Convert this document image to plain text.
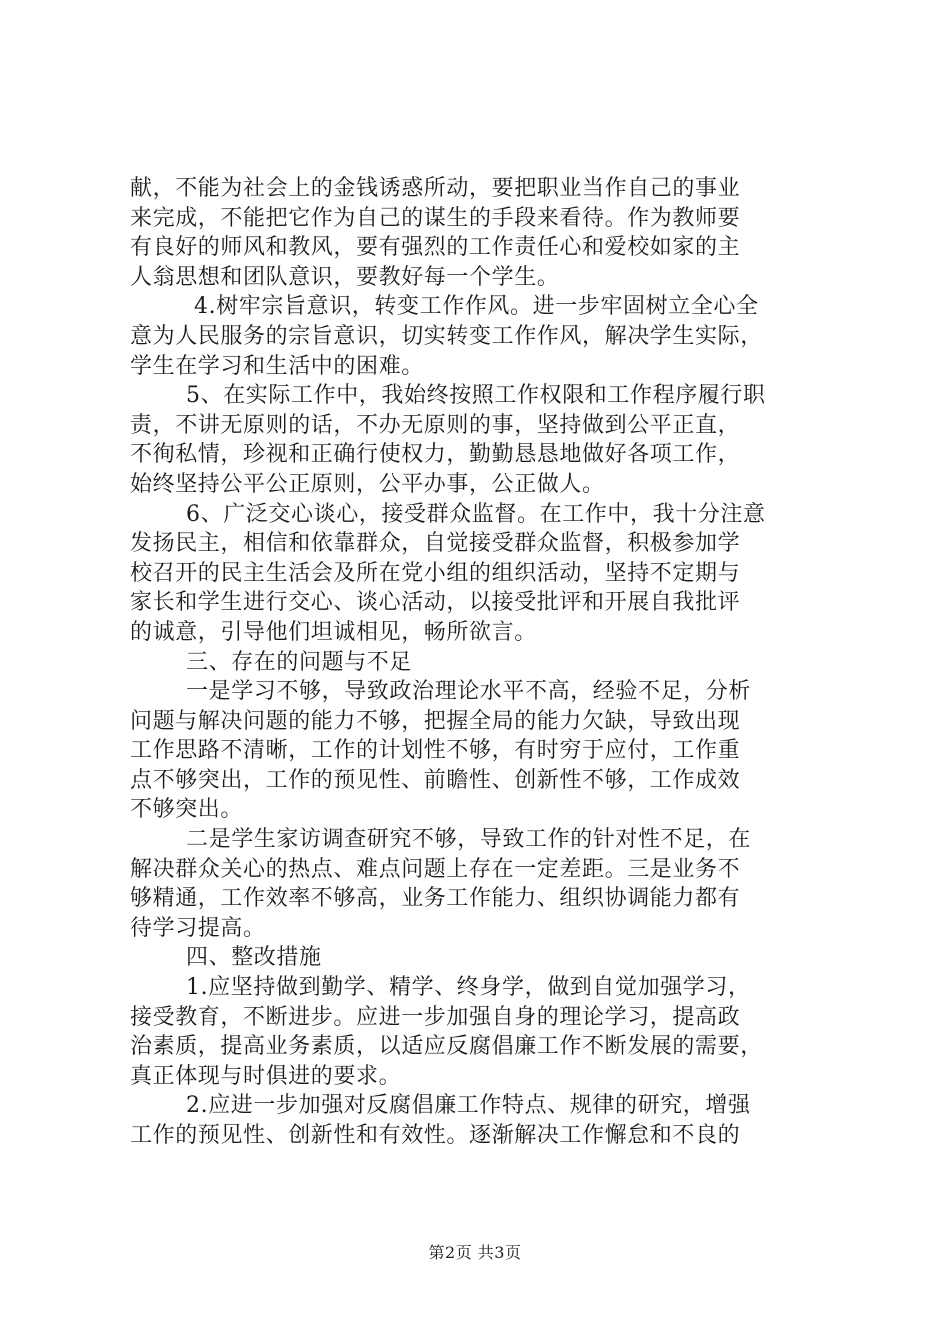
献，不能为社会上的金钱诱惑所动，要把职业当作自己的事业
来完成，不能把它作为自己的谋生的手段来看待。作为教师要
有良好的师风和教风，要有强烈的工作责任心和爱校如家的主
人翁思想和团队意识，要教好每一个学生。
4.树牢宗旨意识，转变工作作风。进一步牢固树立全心全
意为人民服务的宗旨意识，切实转变工作作风，解决学生实际，
学生在学习和生活中的困难。
5、在实际工作中，我始终按照工作权限和工作程序履行职
责，不讲无原则的话，不办无原则的事，坚持做到公平正直，
不徇私情，珍视和正确行使权力，勤勤恳恳地做好各项工作，
始终坚持公平公正原则，公平办事，公正做人。
6、广泛交心谈心，接受群众监督。在工作中，我十分注意
发扬民主，相信和依靠群众，自觉接受群众监督，积极参加学
校召开的民主生活会及所在党小组的组织活动，坚持不定期与
家长和学生进行交心、谈心活动，以接受批评和开展自我批评
的诚意，引导他们坦诚相见，畅所欲言。
三、存在的问题与不足
一是学习不够，导致政治理论水平不高，经验不足，分析
问题与解决问题的能力不够，把握全局的能力欠缺，导致出现
工作思路不清晰，工作的计划性不够，有时穷于应付，工作重
点不够突出，工作的预见性、前瞻性、创新性不够，工作成效
不够突出。
二是学生家访调查研究不够，导致工作的针对性不足，在
解决群众关心的热点、难点问题上存在一定差距。三是业务不
够精通，工作效率不够高，业务工作能力、组织协调能力都有
待学习提高。
四、整改措施
1.应坚持做到勤学、精学、终身学，做到自觉加强学习，
接受教育，不断进步。应进一步加强自身的理论学习，提高政
治素质，提高业务素质，以适应反腐倡廉工作不断发展的需要，
真正体现与时俱进的要求。
2.应进一步加强对反腐倡廉工作特点、规律的研究，增强
工作的预见性、创新性和有效性。逐渐解决工作懈怠和不良的
第2页 共3页
